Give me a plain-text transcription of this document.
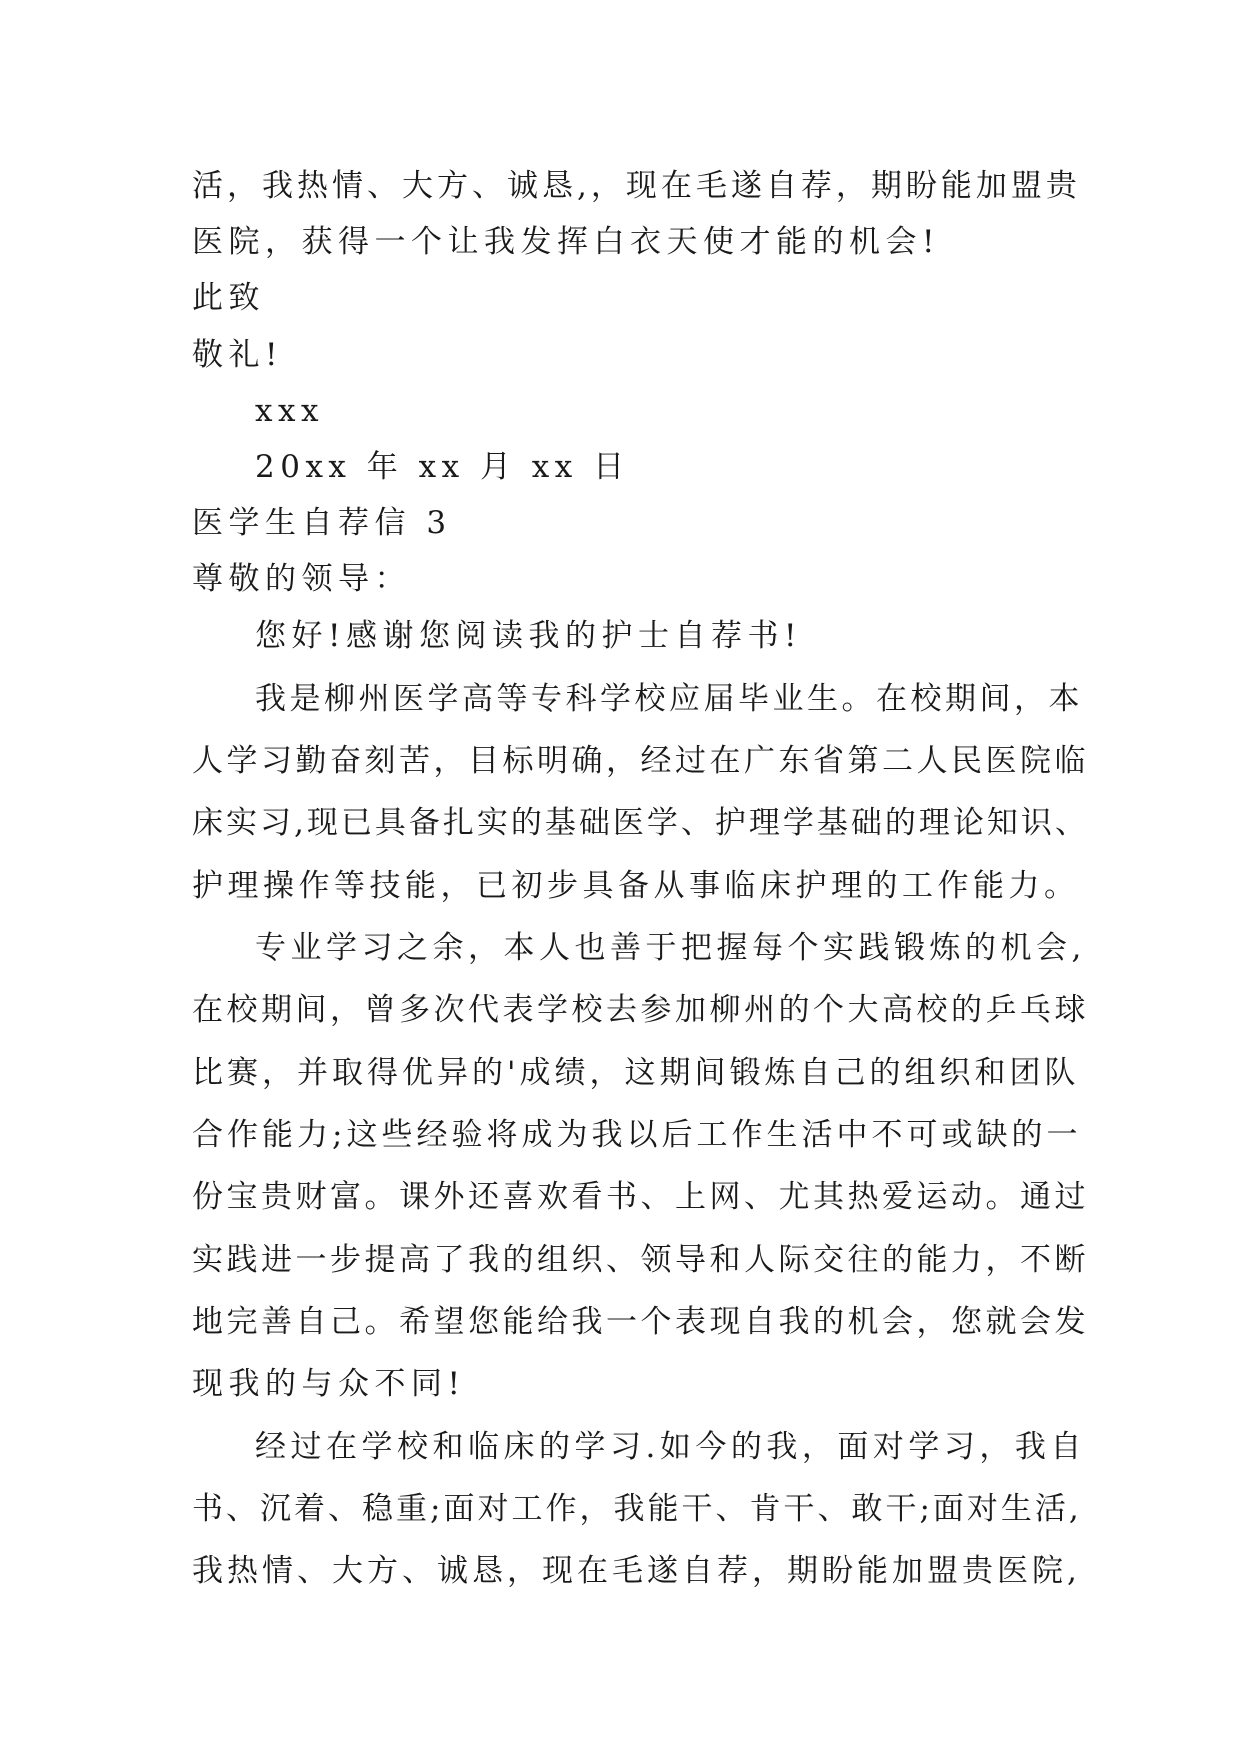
活，我热情、大方、诚恳,，现在毛遂自荐，期盼能加盟贵
医院，获得一个让我发挥白衣天使才能的机会!
此致
敬礼!
xxx
20xx 年 xx 月 xx 日
医学生自荐信 3
尊敬的领导：
您好!感谢您阅读我的护士自荐书!
我是柳州医学高等专科学校应届毕业生。在校期间，本
人学习勤奋刻苦，目标明确，经过在广东省第二人民医院临
床实习,现已具备扎实的基础医学、护理学基础的理论知识、
护理操作等技能，已初步具备从事临床护理的工作能力。
专业学习之余，本人也善于把握每个实践锻炼的机会,
在校期间，曾多次代表学校去参加柳州的个大高校的乒乓球
比赛，并取得优异的'成绩，这期间锻炼自己的组织和团队
合作能力;这些经验将成为我以后工作生活中不可或缺的一
份宝贵财富。课外还喜欢看书、上网、尤其热爱运动。通过
实践进一步提高了我的组织、领导和人际交往的能力，不断
地完善自己。希望您能给我一个表现自我的机会，您就会发
现我的与众不同!
经过在学校和临床的学习.如今的我，面对学习，我自
书、沉着、稳重;面对工作，我能干、肯干、敢干;面对生活,
我热情、大方、诚恳，现在毛遂自荐，期盼能加盟贵医院,
